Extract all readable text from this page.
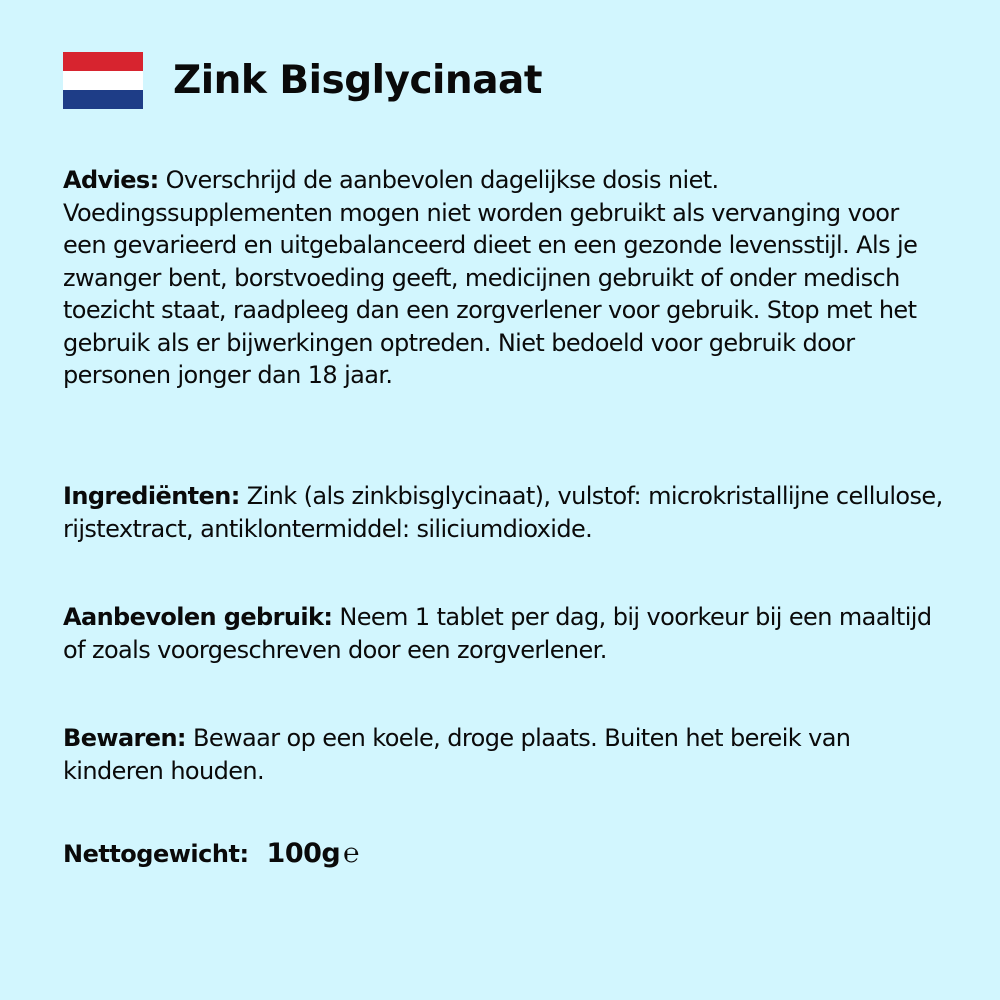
Zink Bisglycinaat

Advies: Overschrijd de aanbevolen dagelijkse dosis niet. Voedingssupplementen mogen niet worden gebruikt als vervanging voor een gevarieerd en uitgebalanceerd dieet en een gezonde levensstijl. Als je zwanger bent, borstvoeding geeft, medicijnen gebruikt of onder medisch toezicht staat, raadpleeg dan een zorgverlener voor gebruik. Stop met het gebruik als er bijwerkingen optreden. Niet bedoeld voor gebruik door personen jonger dan 18 jaar.

Ingrediënten: Zink (als zinkbisglycinaat), vulstof: microkristallijne cellulose, rijstextract, antiklontermiddel: siliciumdioxide.

Aanbevolen gebruik: Neem 1 tablet per dag, bij voorkeur bij een maaltijd of zoals voorgeschreven door een zorgverlener.

Bewaren: Bewaar op een koele, droge plaats. Buiten het bereik van kinderen houden.

Nettogewicht: 100g ℮
